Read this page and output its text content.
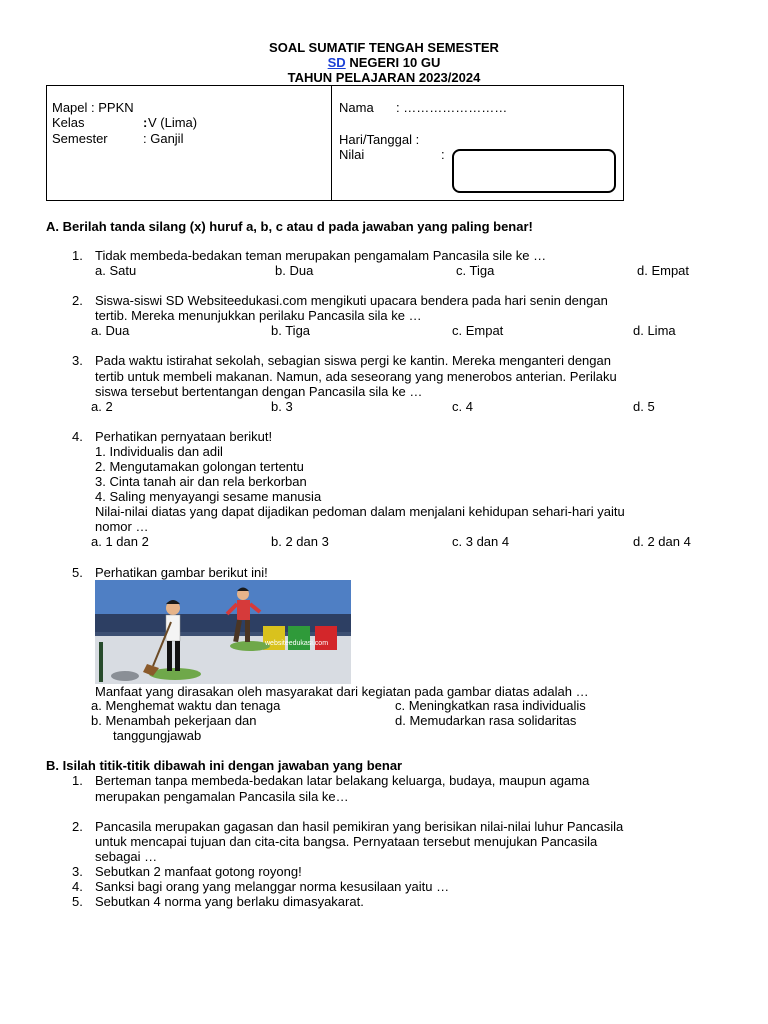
SOAL SUMATIF TENGAH SEMESTER
SD NEGERI 10 GU
TAHUN PELAJARAN 2023/2024
Mapel : PPKN
Kelas	: V (Lima)
Semester	: Ganjil
Nama : ……………………
Hari/Tanggal :
Nilai	:
A. Berilah tanda silang (x) huruf a, b, c atau d pada jawaban yang paling benar!
1. Tidak membeda-bedakan teman merupakan pengamalam Pancasila sile ke …
a. Satu	b. Dua	c. Tiga	d. Empat
2. Siswa-siswi SD Websiteedukasi.com mengikuti upacara bendera pada hari senin dengan
tertib. Mereka menunjukkan perilaku Pancasila sila ke …
a. Dua	b. Tiga	c. Empat	d. Lima
3. Pada waktu istirahat sekolah, sebagian siswa pergi ke kantin. Mereka menganteri dengan
tertib untuk membeli makanan. Namun, ada seseorang yang menerobos anterian. Perilaku
siswa tersebut bertentangan dengan Pancasila sila ke …
a. 2	b. 3	c. 4	d. 5
4. Perhatikan pernyataan berikut!
1. Individualis dan adil
2. Mengutamakan golongan tertentu
3. Cinta tanah air dan rela berkorban
4. Saling menyayangi sesame manusia
Nilai-nilai diatas yang dapat dijadikan pedoman dalam menjalani kehidupan sehari-hari yaitu
nomor …
a. 1 dan 2	b. 2 dan 3	c. 3 dan 4	d. 2 dan 4
5. Perhatikan gambar berikut ini!
websiteedukasi.com
Manfaat yang dirasakan oleh masyarakat dari kegiatan pada gambar diatas adalah …
a. Menghemat waktu dan tenaga
b. Menambah pekerjaan dan
tanggungjawab
c. Meningkatkan rasa individualis
d. Memudarkan rasa solidaritas
B. Isilah titik-titik dibawah ini dengan jawaban yang benar
1. Berteman tanpa membeda-bedakan latar belakang keluarga, budaya, maupun agama
merupakan pengamalan Pancasila sila ke…
2. Pancasila merupakan gagasan dan hasil pemikiran yang berisikan nilai-nilai luhur Pancasila
untuk mencapai tujuan dan cita-cita bangsa. Pernyataan tersebut menujukan Pancasila
sebagai …
3. Sebutkan 2 manfaat gotong royong!
4. Sanksi bagi orang yang melanggar norma kesusilaan yaitu …
5. Sebutkan 4 norma yang berlaku dimasyakarat.
